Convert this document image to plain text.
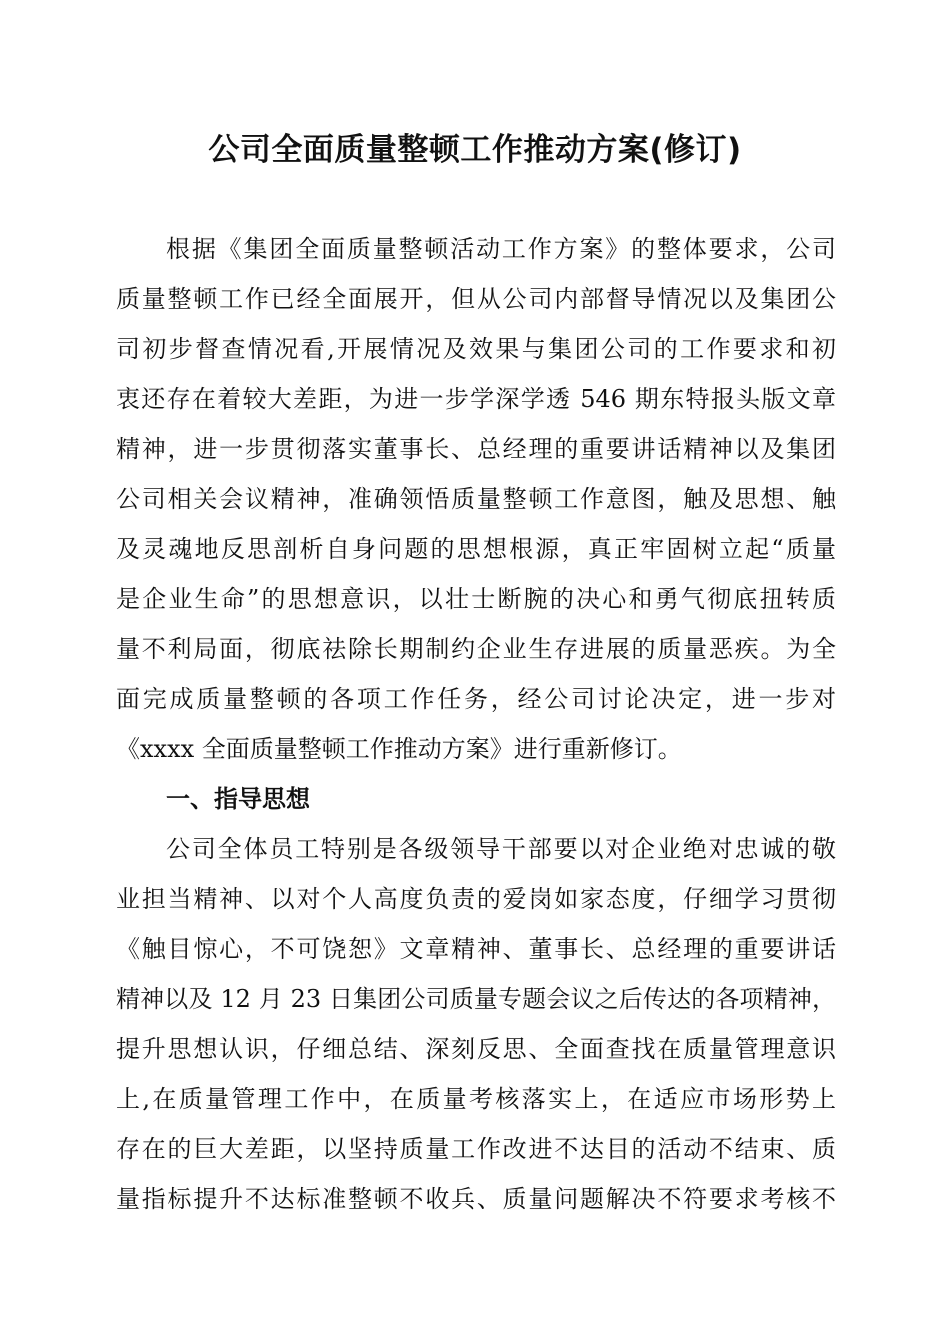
公司全面质量整顿工作推动方案(修订)
根据《集团全面质量整顿活动工作方案》的整体要求，公司
质量整顿工作已经全面展开，但从公司内部督导情况以及集团公
司初步督查情况看,开展情况及效果与集团公司的工作要求和初
衷还存在着较大差距，为进一步学深学透 546 期东特报头版文章
精神，进一步贯彻落实董事长、总经理的重要讲话精神以及集团
公司相关会议精神，准确领悟质量整顿工作意图，触及思想、触
及灵魂地反思剖析自身问题的思想根源，真正牢固树立起“质量
是企业生命”的思想意识，以壮士断腕的决心和勇气彻底扭转质
量不利局面，彻底祛除长期制约企业生存进展的质量恶疾。为全
面完成质量整顿的各项工作任务，经公司讨论决定，进一步对
《xxxx 全面质量整顿工作推动方案》进行重新修订。
一、指导思想
公司全体员工特别是各级领导干部要以对企业绝对忠诚的敬
业担当精神、以对个人高度负责的爱岗如家态度，仔细学习贯彻
《触目惊心，不可饶恕》文章精神、董事长、总经理的重要讲话
精神以及 12 月 23 日集团公司质量专题会议之后传达的各项精神，
提升思想认识，仔细总结、深刻反思、全面查找在质量管理意识
上,在质量管理工作中，在质量考核落实上，在适应市场形势上
存在的巨大差距，以坚持质量工作改进不达目的活动不结束、质
量指标提升不达标准整顿不收兵、质量问题解决不符要求考核不
